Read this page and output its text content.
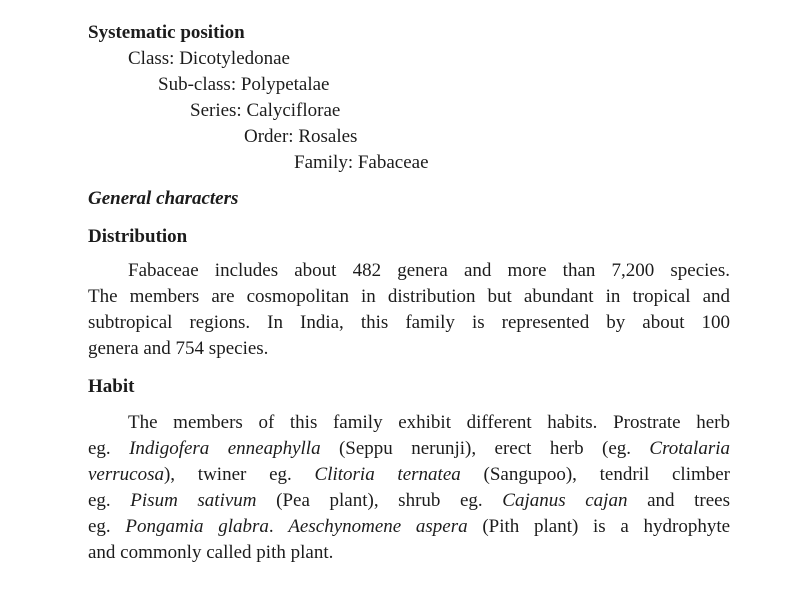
Systematic position
Class: Dicotyledonae
Sub-class: Polypetalae
Series: Calyciflorae
Order: Rosales
Family: Fabaceae
General characters
Distribution
Fabaceae includes about 482 genera and more than 7,200 species.
The members are cosmopolitan in distribution but abundant in tropical and
subtropical regions. In India, this family is represented by about 100
genera and 754 species.
Habit
The members of this family exhibit different habits. Prostrate herb
eg. Indigofera enneaphylla (Seppu nerunji), erect herb (eg. Crotalaria
verrucosa), twiner eg. Clitoria ternatea (Sangupoo), tendril climber
eg. Pisum sativum (Pea plant), shrub eg. Cajanus cajan and trees
eg. Pongamia glabra. Aeschynomene aspera (Pith plant) is a hydrophyte
and commonly called pith plant.
